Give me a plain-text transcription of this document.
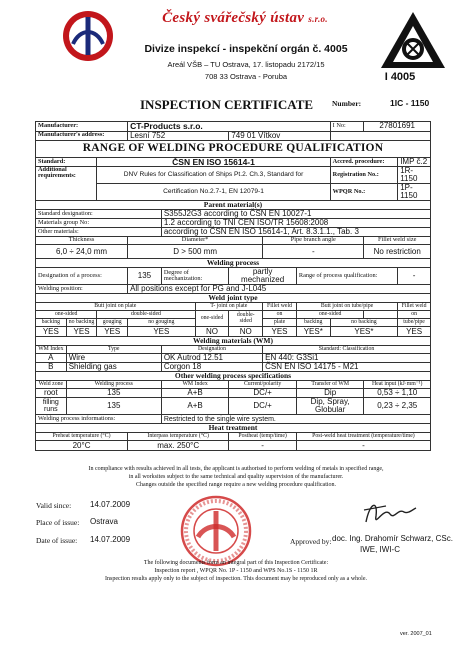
Český svářečský ústav s.r.o.
Divize inspekcí - inspekční orgán č. 4005
Areál VŠB – TU Ostrava, 17. listopadu 2172/15
708 33 Ostrava - Poruba	I 4005
INSPECTION CERTIFICATE	Number:	1IC - 1150
Manufacturer:			CT-Products s.r.o.						I No:	27801691	
Manufacturer's address:			Lesní 752			749 01 Vítkov					
RANGE OF WELDING PROCEDURE QUALIFICATION											
Standard:		ČSN EN ISO 15614-1							Accred. procedure:		IMP č.2
Additional requirements:		DNV Rules for Classification of Ships Pt.2. Ch.3, Standard for							Registration No.:		1R- 1150
		Certification No.2.7-1, EN 12079-1							WPQR No.:		1P- 1150
Parent material(s)											
Standard designation:				S355J2G3 according to ČSN EN 10027-1							
Materials group No:				1.2 according to TNI CEN ISO/TR 15608:2008							
Other materials:				according to ČSN EN ISO 15614-1, Art. 8.3.1.1., Tab. 3							
Thickness			Diameter*				Pipe branch angle			Fillet weld size	
6,0 ÷ 24,0 mm			D > 500 mm				-			No restriction	
Welding process											
Designation of a process:			135	Degree of mechanization:		partly mechanized		Range of process qualification:			-
Welding position:			All positions except for PG and J-L045								
Weld joint type											
Butt joint on plate					T- joint on plate		Fillet weld	Butt joint on tube/pipe			Fillet weld
one-sided		double-sided			one-sided	double-sided	on	one-sided			on
backing	no backing	gouging	no gouging				plate	backing	no backing		tube/pipe
YES	YES	YES	YES		NO	NO	YES	YES*	YES*		YES
Welding materials (WM)											
WM Index	Type			Designation			Standard: Classification				
A	Wire			OK Autrod 12.51			EN 440: G3Si1				
B	Shielding gas			Corgon 18			ČSN EN ISO 14175 - M21				
Other welding process specifications											
Weld zone	Welding process			WM Index		Current/polarity		Transfer of WM		Heat input (kJ·mm⁻¹)	
root	135			A+B		DC/+		Dip		0,53 ÷ 1,10	
filling runs	135			A+B		DC/+		Dip, Spray, Globular		0,23 ÷ 2,35	
Welding process informations:				Restricted to the single wire system.							
Heat treatment											
Preheat temperature (°C)			Interpass temperature (°C)			Postheat (temp/time)		Post-weld heat treatment (temperature/time)			
20°C			max. 250°C			-		-			
In compliance with results achieved in all tests, the applicant is authorised to perform welding of metals in specified range,
in all worksites subject to the same technical and quality supervision of the manufacturer.
Changes outside the specified range require a new welding procedure qualification.
Valid since: 14.07.2009
Place of issue: Ostrava
Date of issue: 14.07.2009	Approved by: doc. Ing. Drahomír Schwarz, CSc.
IWE, IWI-C
The following documents form an integral part of this Inspection Certificate:
Inspection report , WPQR No. 1P - 1150 and WPS No.1S - 1150 1R
Inspection results apply only to the subject of inspection. This document may be reproduced only as a whole.
ver. 2007_01
